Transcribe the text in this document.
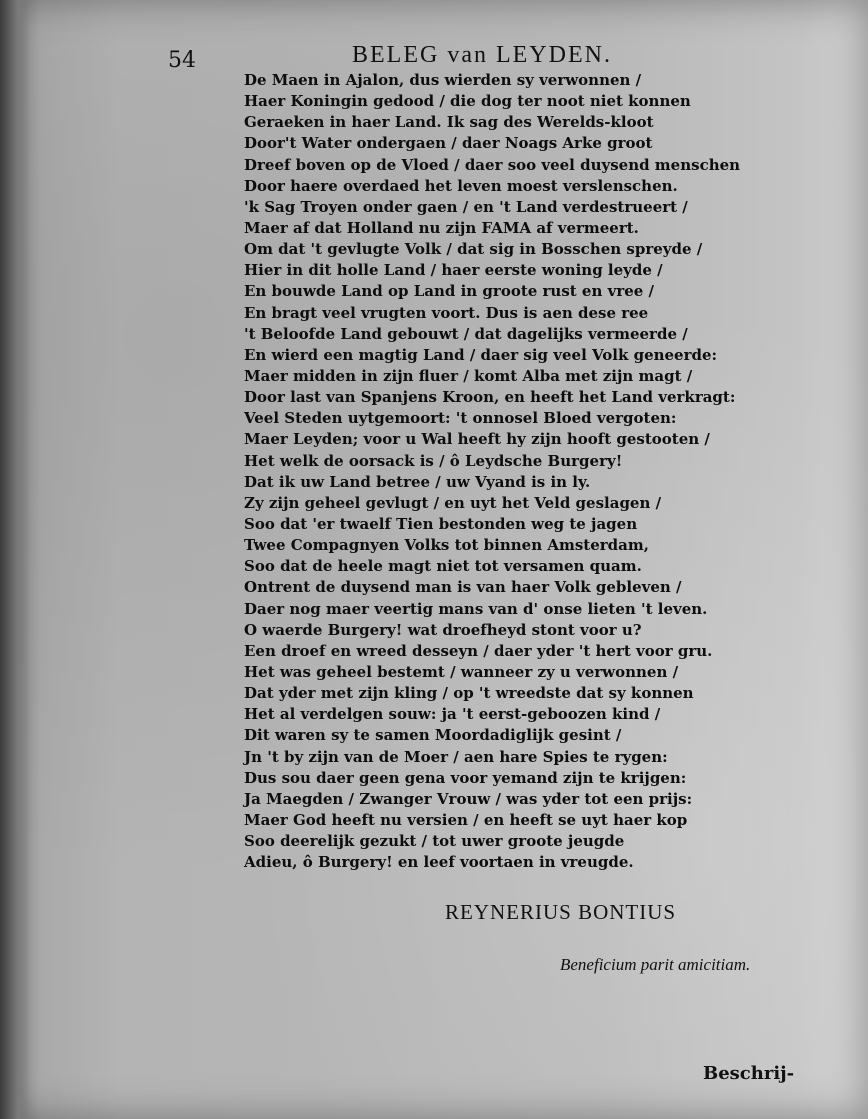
54	BELEG van LEYDEN.
De Maen in Ajalon, dus wierden sy verwonnen /
Haer Koningin gedood / die dog ter noot niet konnen
Geraeken in haer Land. Ik sag des Werelds-kloot
Door't Water ondergaen / daer Noags Arke groot
Dreef boven op de Vloed / daer soo veel duysend menschen
Door haere overdaed het leven moest verslenschen.
'k Sag Troyen onder gaen / en 't Land verdestrueert /
Maer af dat Holland nu zijn FAMA af vermeert.
Om dat 't gevlugte Volk / dat sig in Bosschen spreyde /
Hier in dit holle Land / haer eerste woning leyde /
En bouwde Land op Land in groote rust en vree /
En bragt veel vrugten voort. Dus is aen dese ree
't Beloofde Land gebouwt / dat dagelijks vermeerde /
En wierd een magtig Land / daer sig veel Volk geneerde:
Maer midden in zijn fluer / komt Alba met zijn magt /
Door last van Spanjens Kroon, en heeft het Land verkragt:
Veel Steden uytgemoort: 't onnosel Bloed vergoten:
Maer Leyden; voor u Wal heeft hy zijn hooft gestooten /
Het welk de oorsack is / ô Leydsche Burgery!
Dat ik uw Land betree / uw Vyand is in ly.
Zy zijn geheel gevlugt / en uyt het Veld geslagen /
Soo dat 'er twaelf Tien bestonden weg te jagen
Twee Compagnyen Volks tot binnen Amsterdam,
Soo dat de heele magt niet tot versamen quam.
Ontrent de duysend man is van haer Volk gebleven /
Daer nog maer veertig mans van d' onse lieten 't leven.
O waerde Burgery! wat droefheyd stont voor u?
Een droef en wreed desseyn / daer yder 't hert voor gru.
Het was geheel bestemt / wanneer zy u verwonnen /
Dat yder met zijn kling / op 't wreedste dat sy konnen
Het al verdelgen souw: ja 't eerst-geboozen kind /
Dit waren sy te samen Moordadiglijk gesint /
Jn 't by zijn van de Moer / aen hare Spies te rygen:
Dus sou daer geen gena voor yemand zijn te krijgen:
Ja Maegden / Zwanger Vrouw / was yder tot een prijs:
Maer God heeft nu versien / en heeft se uyt haer kop
Soo deerelijk gezukt / tot uwer groote jeugde
Adieu, ô Burgery! en leef voortaen in vreugde.
REYNERIUS BONTIUS
Beneficium parit amicitiam.
Beschrij-
